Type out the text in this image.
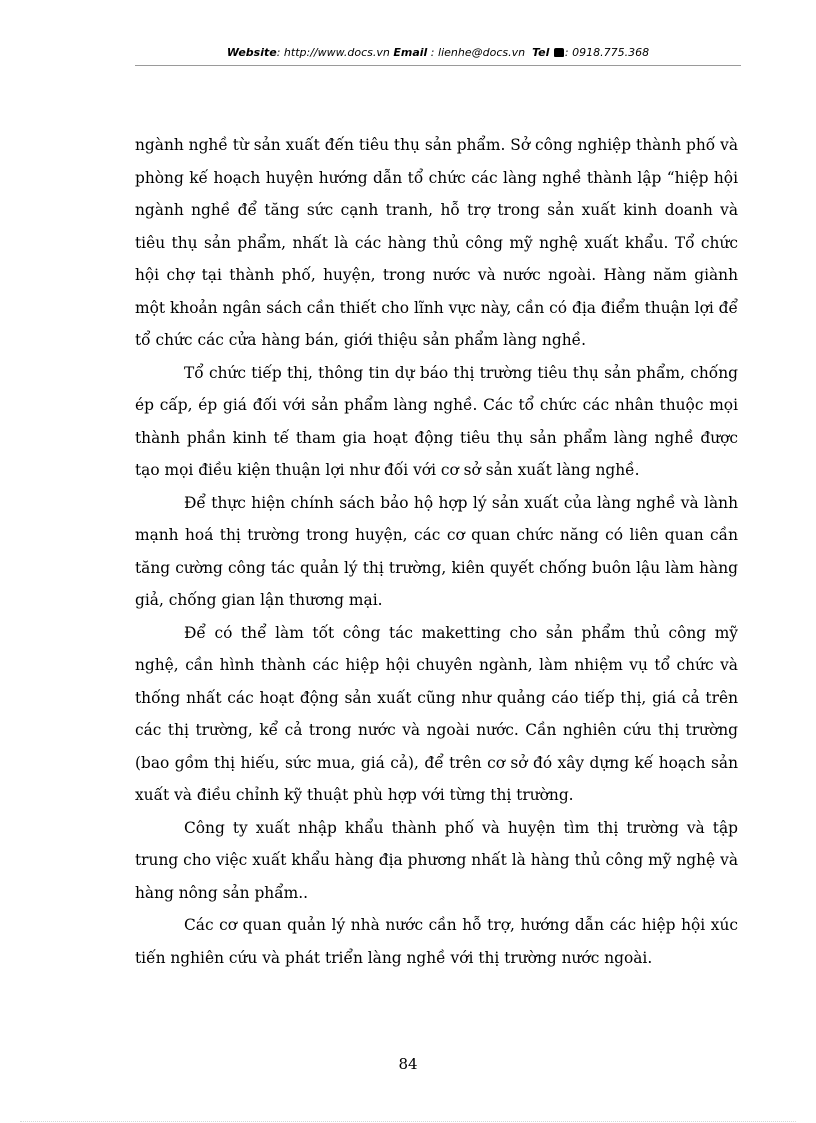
Website: http://www.docs.vn Email : lienhe@docs.vn Tel : 0918.775.368

ngành nghề từ sản xuất đến tiêu thụ sản phẩm. Sở công nghiệp thành phố và phòng kế hoạch huyện hướng dẫn tổ chức các làng nghề thành lập “hiệp hội ngành nghề để tăng sức cạnh tranh, hỗ trợ trong sản xuất kinh doanh và tiêu thụ sản phẩm, nhất là các hàng thủ công mỹ nghệ xuất khẩu. Tổ chức hội chợ tại thành phố, huyện, trong nước và nước ngoài. Hàng năm giành một khoản ngân sách cần thiết cho lĩnh vực này, cần có địa điểm thuận lợi để tổ chức các cửa hàng bán, giới thiệu sản phẩm làng nghề.

Tổ chức tiếp thị, thông tin dự báo thị trường tiêu thụ sản phẩm, chống ép cấp, ép giá đối với sản phẩm làng nghề. Các tổ chức các nhân thuộc mọi thành phần kinh tế tham gia hoạt động tiêu thụ sản phẩm làng nghề được tạo mọi điều kiện thuận lợi như đối với cơ sở sản xuất làng nghề.

Để thực hiện chính sách bảo hộ hợp lý sản xuất của làng nghề và lành mạnh hoá thị trường trong huyện, các cơ quan chức năng có liên quan cần tăng cường công tác quản lý thị trường, kiên quyết chống buôn lậu làm hàng giả, chống gian lận thương mại.

Để có thể làm tốt công tác maketting cho sản phẩm thủ công mỹ nghệ, cần hình thành các hiệp hội chuyên ngành, làm nhiệm vụ tổ chức và thống nhất các hoạt động sản xuất cũng như quảng cáo tiếp thị, giá cả trên các thị trường, kể cả trong nước và ngoài nước. Cần nghiên cứu thị trường (bao gồm thị hiếu, sức mua, giá cả), để trên cơ sở đó xây dựng kế hoạch sản xuất và điều chỉnh kỹ thuật phù hợp với từng thị trường.

Công ty xuất nhập khẩu thành phố và huyện tìm thị trường và tập trung cho việc xuất khẩu hàng địa phương nhất là hàng thủ công mỹ nghệ và hàng nông sản phẩm..

Các cơ quan quản lý nhà nước cần hỗ trợ, hướng dẫn các hiệp hội xúc tiến nghiên cứu và phát triển làng nghề với thị trường nước ngoài.

84
